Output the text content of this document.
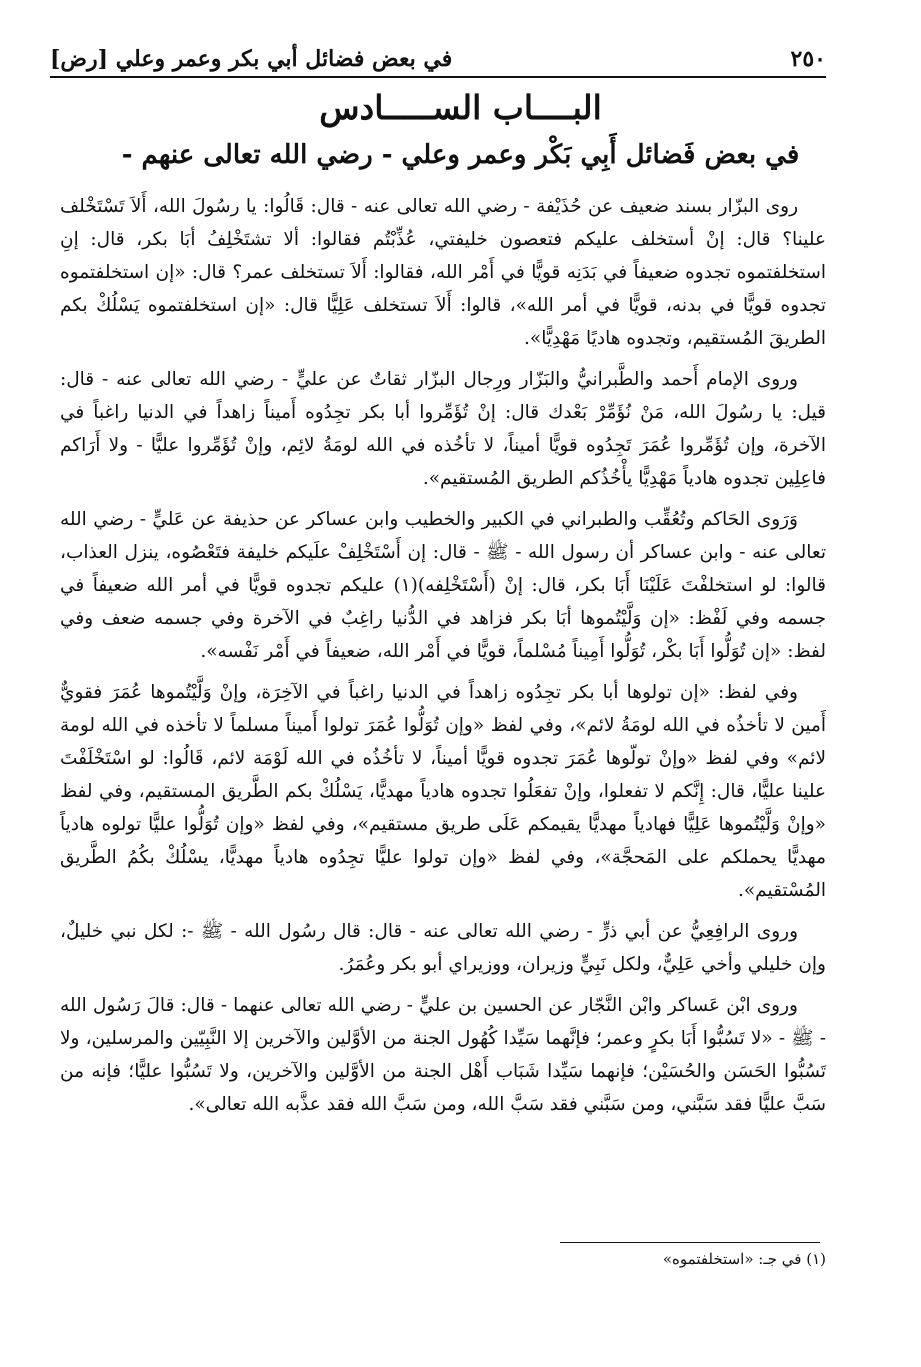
٢٥٠
في بعض فضائل أبي بكر وعمر وعلي [رض]
البــــاب الســـــادس
في بعض فَضائل أَبِي بَكْر وعمر وعلي - رضي الله تعالى عنهم -

روى البزّار بسند ضعيف عن حُذَيْفة - رضي الله تعالى عنه - قال: قَالُوا: يا رسُولَ الله، أَلاَ تَسْتَخْلف علينا؟ قال: إنْ أستخلف عليكم فتعصون خليفتي، عُذِّبْتُم فقالوا: ألا تشتَخْلِفُ أبَا بكر، قال: إنِ استخلفتموه تجدوه ضعيفاً في بَدَنِه قويًّا في أَمْر الله، فقالوا: أَلاَ تستخلف عمر؟ قال: «إن استخلفتموه تجدوه قويًّا في بدنه، قويًّا في أمر الله»، قالوا: أَلاَ تستخلف عَلِيًّا قال: «إن استخلفتموه يَسْلُكْ بكم الطريقَ المُستقيم، وتجدوه هاديًا مَهْدِيًّا».

وروى الإمام أَحمد والطَّبرانيُّ والبَزّار ورِجال البزّار ثقاتٌ عن عليٍّ - رضي الله تعالى عنه - قال: قيل: يا رسُولَ الله، مَنْ نُؤَمِّرْ بَعْدك قال: إنْ تُؤَمِّروا أبا بكر تجِدُوه أَميناً زاهداً في الدنيا راغباً في الآخرة، وإن تُؤَمِّروا عُمَرَ تَجِدُوه قويًّا أميناً، لا تأخُذه في الله لومَةُ لائِم، وإنْ تُؤَمِّروا عليًّا - ولا أَرَاكم فاعِلِين تجدوه هادياً مَهْدِيًّا يأْخُذُكم الطريق المُستقيم».

وَرَوى الحَاكم وتُعُقِّب والطبراني في الكبير والخطيب وابن عساكر عن حذيفة عن عَليٍّ - رضي الله تعالى عنه - وابن عساكر أن رسول الله - ﷺ - قال: إن أَسْتَخْلِفْ علَيكم خليفة فتَعْصُوه، ينزل العذاب، قالوا: لو استخلفْتَ عَلَيْنَا أَبَا بكر، قال: إنْ (أَسْتَخْلِفه)(١) عليكم تجدوه قويًّا في أمر الله ضعيفاً في جسمه وفي لَفْظ: «إن وَلَّيْتُموها أبَا بكر فزاهد في الدُّنيا راغِبٌ في الآخرة وفي جسمه ضعف وفي لفظ: «إن تُوَلُّوا أَبَا بكْر، تُوَلُّوا أَمِيناً مُسْلماً، قويًّا في أَمْر الله، ضعيفاً في أَمْر نَفْسه».

وفي لفظ: «إن تولوها أبا بكر تجِدُوه زاهداً في الدنيا راغباً في الآخِرَة، وإنْ وَلَّيْتُموها عُمَرَ فقويٌّ أَمين لا تأخذُه في الله لومَةُ لائم»، وفي لفظ «وإن تُوَلُّوا عُمَرَ تولوا أَميناً مسلماً لا تأخذه في الله لومة لائم» وفي لفظ «وإنْ تولّوها عُمَرَ تجدوه قويًّا أميناً، لا تأخُذُه في الله لَوْمَة لائم، قَالُوا: لو اسْتَخْلَفْتَ علينا عليًّا، قال: إِنَّكم لا تفعلوا، وإنْ تفعَلُوا تجدوه هادياً مهديًّا، يَسْلُكْ بكم الطَّريق المستقيم، وفي لفظ «وإنْ وَلَّيْتُموها عَلِيًّا فهادياً مهديًّا يقيمكم عَلَى طريق مستقيم»، وفي لفظ «وإن تُوَلُّوا عليًّا تولوه هادياً مهديًّا يحملكم على المَحجَّة»، وفي لفظ «وإن تولوا عليًّا تجِدُوه هادياً مهديًّا، يسْلُكْ بكُمُ الطَّريق المُسْتقيم».

وروى الرافِعِيُّ عن أبي ذرٍّ - رضي الله تعالى عنه - قال: قال رسُول الله - ﷺ -: لكل نبي خليلٌ، وإن خليلي وأخي عَلِيٌّ، ولكل نَبِيٍّ وزيران، ووزيراي أبو بكر وعُمَرُ.

وروى ابْن عَساكر وابْن النَّجّار عن الحسين بن عليٍّ - رضي الله تعالى عنهما - قال: قالَ رَسُول الله - ﷺ - «لا تَسُبُّوا أَبَا بكرٍ وعمر؛ فإنَّهما سَيِّدا كُهُول الجنة من الأوَّلين والآخرين إلا النَّبِيّين والمرسلين، ولا تَسُبُّوا الحَسَن والحُسَيْن؛ فإنهما سَيِّدا شَبَاب أَهْل الجنة من الأوَّلين والآخرين، ولا تَسُبُّوا عليًّا؛ فإنه من سَبَّ عليًّا فقد سَبَّني، ومن سَبَّني فقد سَبَّ الله، ومن سَبَّ الله فقد عذَّبه الله تعالى».

(١) في جـ: «استخلفتموه»
